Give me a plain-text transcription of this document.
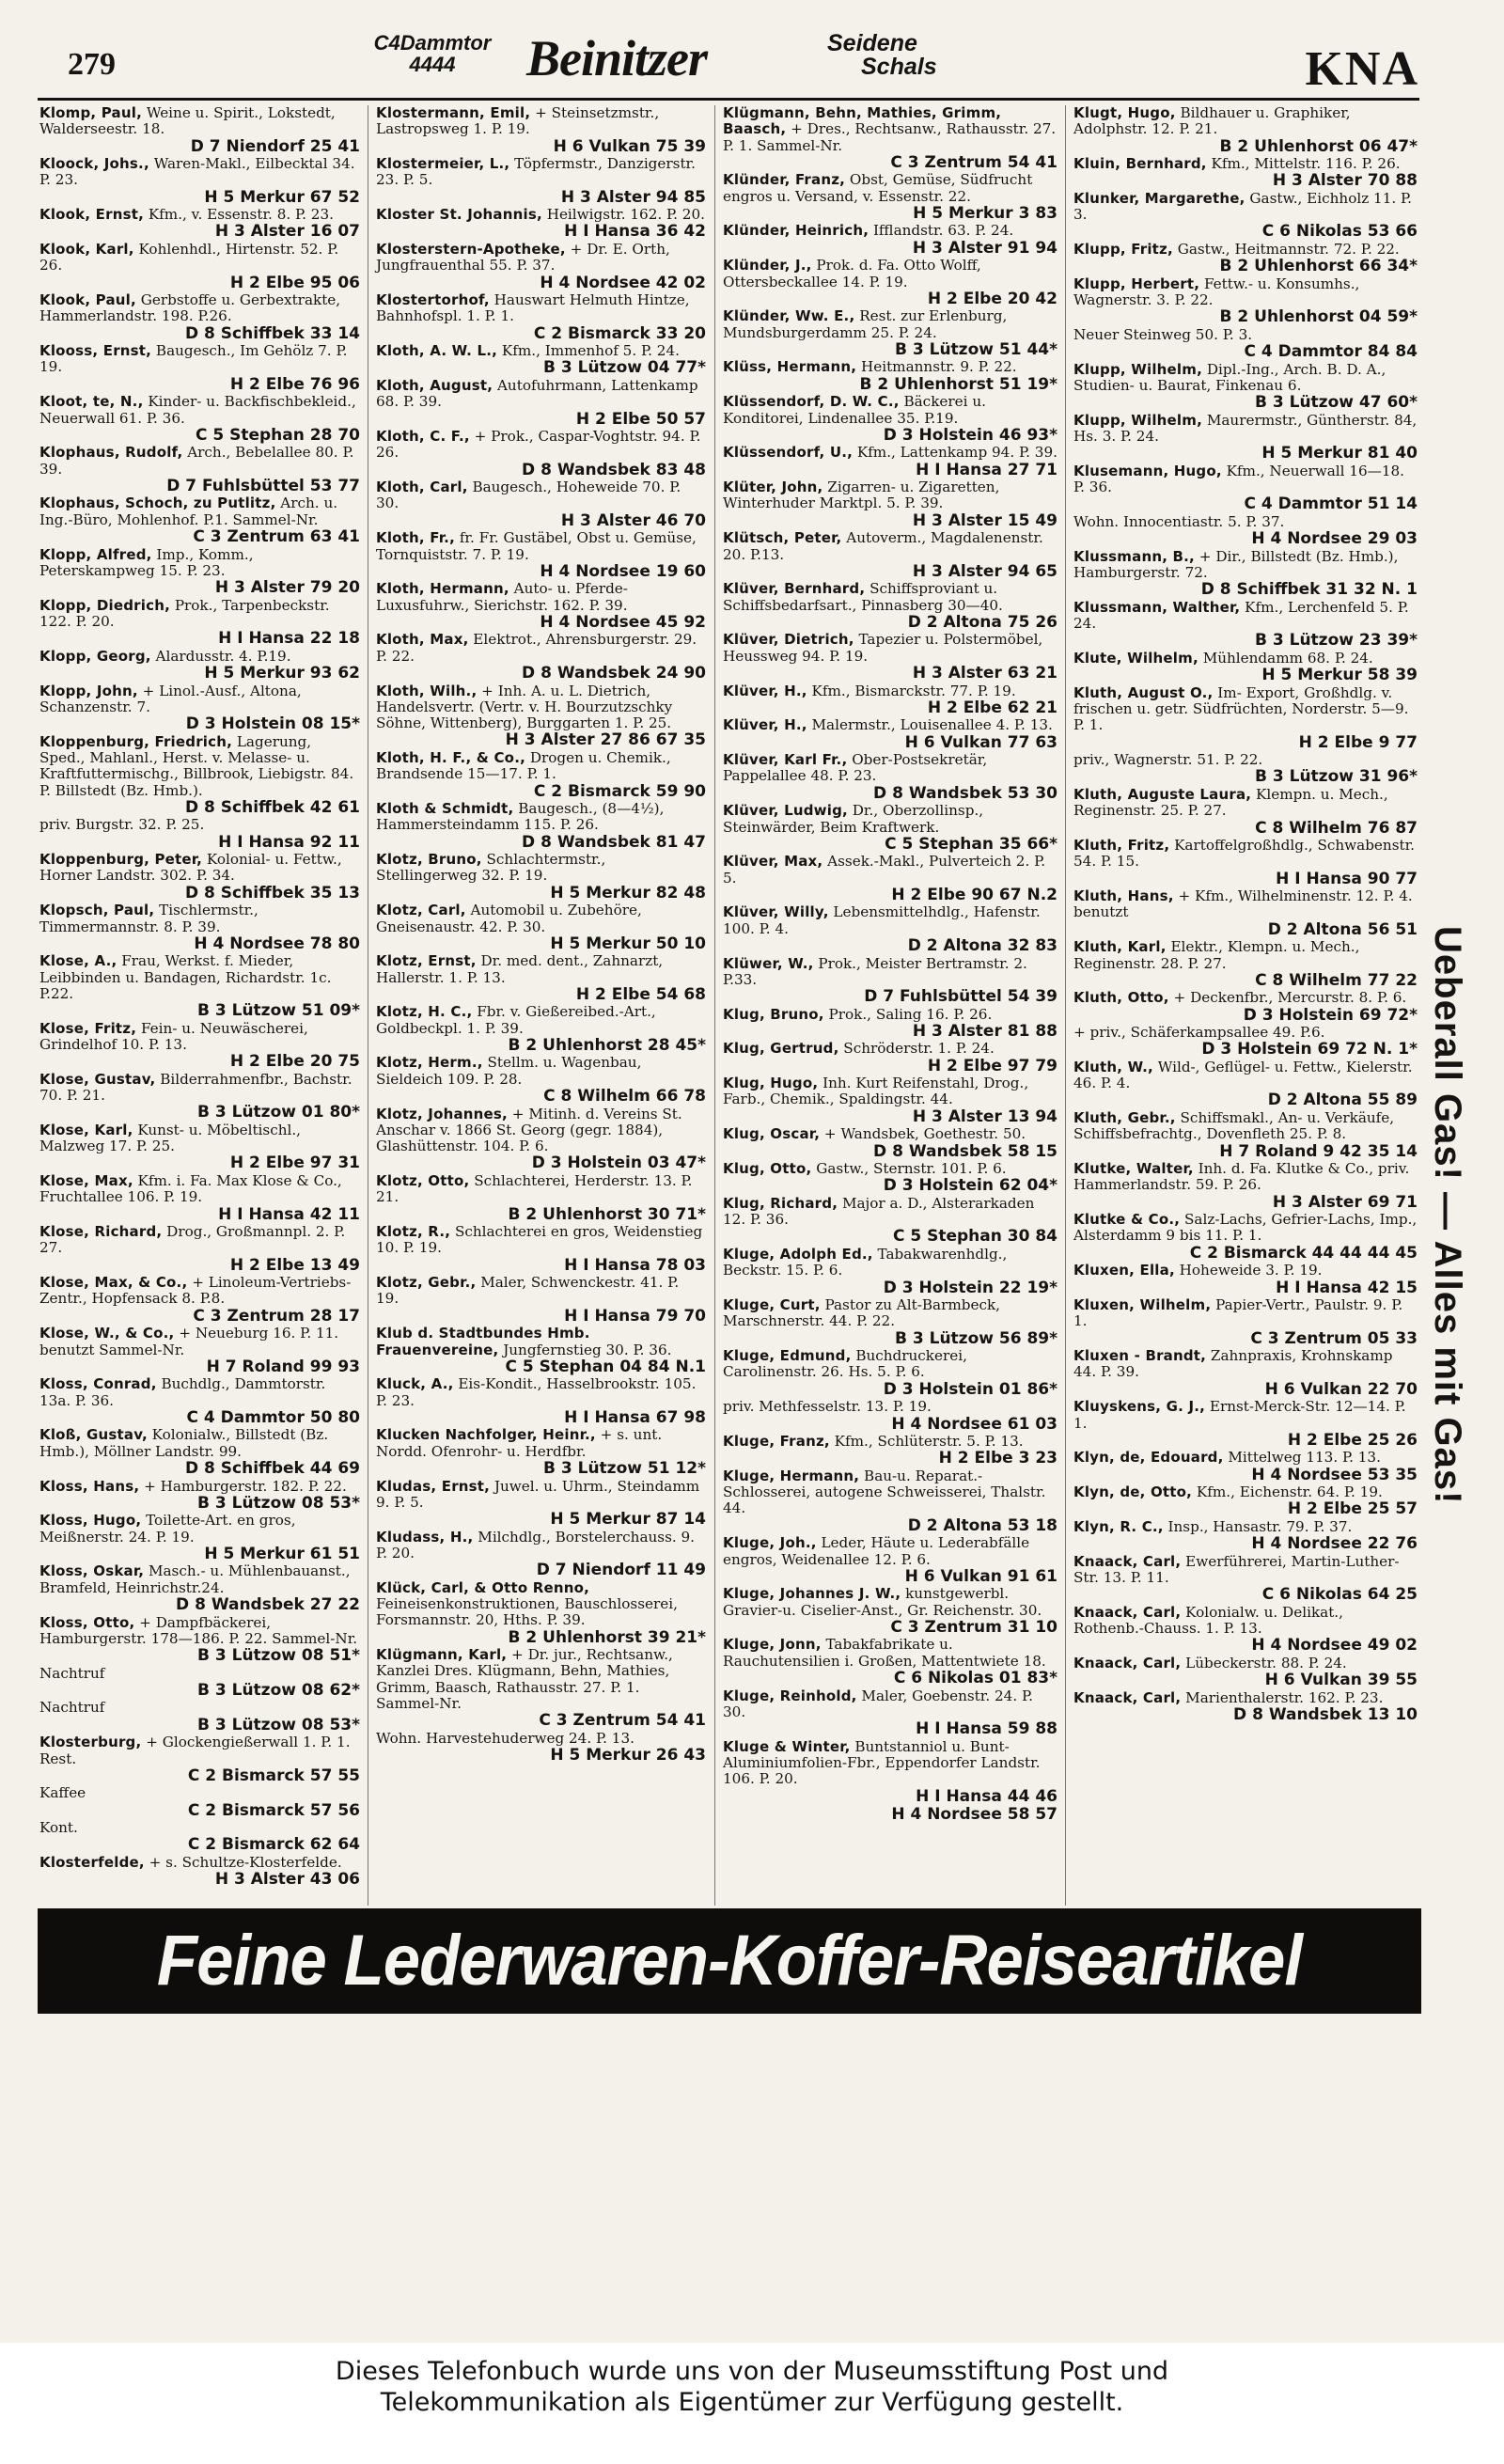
279
C4Dammtor 4444	Beinitzer	Seidene
Schals	KNA
Klomp, Paul, Weine u. Spirit., Lokstedt, Walderseestr. 18.
D 7 Niendorf 25 41
Kloock, Johs., Waren-Makl., Eilbecktal 34. P. 23.
H 5 Merkur 67 52
Klook, Ernst, Kfm., v. Essenstr. 8. P. 23.
H 3 Alster 16 07
Klook, Karl, Kohlenhdl., Hirtenstr. 52. P. 26.
H 2 Elbe 95 06
Klook, Paul, Gerbstoffe u. Gerbextrakte, Hammerlandstr. 198. P.26.
D 8 Schiffbek 33 14
Klooss, Ernst, Baugesch., Im Gehölz 7. P. 19.
H 2 Elbe 76 96
Kloot, te, N., Kinder- u. Backfischbekleid., Neuerwall 61. P. 36.
C 5 Stephan 28 70
Klophaus, Rudolf, Arch., Bebelallee 80. P. 39.
D 7 Fuhlsbüttel 53 77
Klophaus, Schoch, zu Putlitz, Arch. u. Ing.-Büro, Mohlenhof. P.1. Sammel-Nr.
C 3 Zentrum 63 41
Klopp, Alfred, Imp., Komm., Peterskampweg 15. P. 23.
H 3 Alster 79 20
Klopp, Diedrich, Prok., Tarpenbeckstr. 122. P. 20.
H I Hansa 22 18
Klopp, Georg, Alardusstr. 4. P.19.
H 5 Merkur 93 62
Klopp, John, + Linol.-Ausf., Altona, Schanzenstr. 7.
D 3 Holstein 08 15*
Kloppenburg, Friedrich, Lagerung, Sped., Mahlanl., Herst. v. Melasse- u. Kraftfuttermischg., Billbrook, Liebigstr. 84. P. Billstedt (Bz. Hmb.).
D 8 Schiffbek 42 61
priv. Burgstr. 32. P. 25.
H I Hansa 92 11
Kloppenburg, Peter, Kolonial- u. Fettw., Horner Landstr. 302. P. 34.
D 8 Schiffbek 35 13
Klopsch, Paul, Tischlermstr., Timmermannstr. 8. P. 39.
H 4 Nordsee 78 80
Klose, A., Frau, Werkst. f. Mieder, Leibbinden u. Bandagen, Richardstr. 1c. P.22.
B 3 Lützow 51 09*
Klose, Fritz, Fein- u. Neuwäscherei, Grindelhof 10. P. 13.
H 2 Elbe 20 75
Klose, Gustav, Bilderrahmenfbr., Bachstr. 70. P. 21.
B 3 Lützow 01 80*
Klose, Karl, Kunst- u. Möbeltischl., Malzweg 17. P. 25.
H 2 Elbe 97 31
Klose, Max, Kfm. i. Fa. Max Klose & Co., Fruchtallee 106. P. 19.
H I Hansa 42 11
Klose, Richard, Drog., Großmannpl. 2. P. 27.
H 2 Elbe 13 49
Klose, Max, & Co., + Linoleum-Vertriebs-Zentr., Hopfensack 8. P.8.
C 3 Zentrum 28 17
Klose, W., & Co., + Neueburg 16. P. 11. benutzt Sammel-Nr.
H 7 Roland 99 93
Kloss, Conrad, Buchdlg., Dammtorstr. 13a. P. 36.
C 4 Dammtor 50 80
Kloß, Gustav, Kolonialw., Billstedt (Bz. Hmb.), Möllner Landstr. 99.
D 8 Schiffbek 44 69
Kloss, Hans, + Hamburgerstr. 182. P. 22.
B 3 Lützow 08 53*
Kloss, Hugo, Toilette-Art. en gros, Meißnerstr. 24. P. 19.
H 5 Merkur 61 51
Kloss, Oskar, Masch.- u. Mühlenbauanst., Bramfeld, Heinrichstr.24.
D 8 Wandsbek 27 22
Kloss, Otto, + Dampfbäckerei, Hamburgerstr. 178—186. P. 22. Sammel-Nr.
B 3 Lützow 08 51*
Nachtruf
B 3 Lützow 08 62*
Nachtruf
B 3 Lützow 08 53*
Klosterburg, + Glockengießerwall 1. P. 1. Rest.
C 2 Bismarck 57 55
Kaffee
C 2 Bismarck 57 56
Kont.
C 2 Bismarck 62 64
Klosterfelde, + s. Schultze-Klosterfelde.
H 3 Alster 43 06
Klostermann, Emil, + Steinsetzmstr., Lastropsweg 1. P. 19.
H 6 Vulkan 75 39
Klostermeier, L., Töpfermstr., Danzigerstr. 23. P. 5.
H 3 Alster 94 85
Kloster St. Johannis, Heilwigstr. 162. P. 20.
H I Hansa 36 42
Klosterstern-Apotheke, + Dr. E. Orth, Jungfrauenthal 55. P. 37.
H 4 Nordsee 42 02
Klostertorhof, Hauswart Helmuth Hintze, Bahnhofspl. 1. P. 1.
C 2 Bismarck 33 20
Kloth, A. W. L., Kfm., Immenhof 5. P. 24.
B 3 Lützow 04 77*
Kloth, August, Autofuhrmann, Lattenkamp 68. P. 39.
H 2 Elbe 50 57
Kloth, C. F., + Prok., Caspar-Voghtstr. 94. P. 26.
D 8 Wandsbek 83 48
Kloth, Carl, Baugesch., Hoheweide 70. P. 30.
H 3 Alster 46 70
Kloth, Fr., fr. Fr. Gustäbel, Obst u. Gemüse, Tornquiststr. 7. P. 19.
H 4 Nordsee 19 60
Kloth, Hermann, Auto- u. Pferde-Luxusfuhrw., Sierichstr. 162. P. 39.
H 4 Nordsee 45 92
Kloth, Max, Elektrot., Ahrensburgerstr. 29. P. 22.
D 8 Wandsbek 24 90
Kloth, Wilh., + Inh. A. u. L. Dietrich, Handelsvertr. (Vertr. v. H. Bourzutzschky Söhne, Wittenberg), Burggarten 1. P. 25.
H 3 Alster 27 86 67 35
Kloth, H. F., & Co., Drogen u. Chemik., Brandsende 15—17. P. 1.
C 2 Bismarck 59 90
Kloth & Schmidt, Baugesch., (8—4½), Hammersteindamm 115. P. 26.
D 8 Wandsbek 81 47
Klotz, Bruno, Schlachtermstr., Stellingerweg 32. P. 19.
H 5 Merkur 82 48
Klotz, Carl, Automobil u. Zubehöre, Gneisenaustr. 42. P. 30.
H 5 Merkur 50 10
Klotz, Ernst, Dr. med. dent., Zahnarzt, Hallerstr. 1. P. 13.
H 2 Elbe 54 68
Klotz, H. C., Fbr. v. Gießereibed.-Art., Goldbeckpl. 1. P. 39.
B 2 Uhlenhorst 28 45*
Klotz, Herm., Stellm. u. Wagenbau, Sieldeich 109. P. 28.
C 8 Wilhelm 66 78
Klotz, Johannes, + Mitinh. d. Vereins St. Anschar v. 1866 St. Georg (gegr. 1884), Glashüttenstr. 104. P. 6.
D 3 Holstein 03 47*
Klotz, Otto, Schlachterei, Herderstr. 13. P. 21.
B 2 Uhlenhorst 30 71*
Klotz, R., Schlachterei en gros, Weidenstieg 10. P. 19.
H I Hansa 78 03
Klotz, Gebr., Maler, Schwenckestr. 41. P. 19.
H I Hansa 79 70
Klub d. Stadtbundes Hmb. Frauenvereine, Jungfernstieg 30. P. 36.
C 5 Stephan 04 84 N.1
Kluck, A., Eis-Kondit., Hasselbrookstr. 105. P. 23.
H I Hansa 67 98
Klucken Nachfolger, Heinr., + s. unt. Nordd. Ofenrohr- u. Herdfbr.
B 3 Lützow 51 12*
Kludas, Ernst, Juwel. u. Uhrm., Steindamm 9. P. 5.
H 5 Merkur 87 14
Kludass, H., Milchdlg., Borstelerchauss. 9. P. 20.
D 7 Niendorf 11 49
Klück, Carl, & Otto Renno, Feineisenkonstruktionen, Bauschlosserei, Forsmannstr. 20, Hths. P. 39.
B 2 Uhlenhorst 39 21*
Klügmann, Karl, + Dr. jur., Rechtsanw., Kanzlei Dres. Klügmann, Behn, Mathies, Grimm, Baasch, Rathausstr. 27. P. 1. Sammel-Nr.
C 3 Zentrum 54 41
Wohn. Harvestehuderweg 24. P. 13.
H 5 Merkur 26 43
Klügmann, Behn, Mathies, Grimm, Baasch, + Dres., Rechtsanw., Rathausstr. 27. P. 1. Sammel-Nr.
C 3 Zentrum 54 41
Klünder, Franz, Obst, Gemüse, Südfrucht engros u. Versand, v. Essenstr. 22.
H 5 Merkur 3 83
Klünder, Heinrich, Ifflandstr. 63. P. 24.
H 3 Alster 91 94
Klünder, J., Prok. d. Fa. Otto Wolff, Ottersbeckallee 14. P. 19.
H 2 Elbe 20 42
Klünder, Ww. E., Rest. zur Erlenburg, Mundsburgerdamm 25. P. 24.
B 3 Lützow 51 44*
Klüss, Hermann, Heitmannstr. 9. P. 22.
B 2 Uhlenhorst 51 19*
Klüssendorf, D. W. C., Bäckerei u. Konditorei, Lindenallee 35. P.19.
D 3 Holstein 46 93*
Klüssendorf, U., Kfm., Lattenkamp 94. P. 39.
H I Hansa 27 71
Klüter, John, Zigarren- u. Zigaretten, Winterhuder Marktpl. 5. P. 39.
H 3 Alster 15 49
Klütsch, Peter, Autoverm., Magdalenenstr. 20. P.13.
H 3 Alster 94 65
Klüver, Bernhard, Schiffsproviant u. Schiffsbedarfsart., Pinnasberg 30—40.
D 2 Altona 75 26
Klüver, Dietrich, Tapezier u. Polstermöbel, Heussweg 94. P. 19.
H 3 Alster 63 21
Klüver, H., Kfm., Bismarckstr. 77. P. 19.
H 2 Elbe 62 21
Klüver, H., Malermstr., Louisenallee 4. P. 13.
H 6 Vulkan 77 63
Klüver, Karl Fr., Ober-Postsekretär, Pappelallee 48. P. 23.
D 8 Wandsbek 53 30
Klüver, Ludwig, Dr., Oberzollinsp., Steinwärder, Beim Kraftwerk.
C 5 Stephan 35 66*
Klüver, Max, Assek.-Makl., Pulverteich 2. P. 5.
H 2 Elbe 90 67 N.2
Klüver, Willy, Lebensmittelhdlg., Hafenstr. 100. P. 4.
D 2 Altona 32 83
Klüwer, W., Prok., Meister Bertramstr. 2. P.33.
D 7 Fuhlsbüttel 54 39
Klug, Bruno, Prok., Saling 16. P. 26.
H 3 Alster 81 88
Klug, Gertrud, Schröderstr. 1. P. 24.
H 2 Elbe 97 79
Klug, Hugo, Inh. Kurt Reifenstahl, Drog., Farb., Chemik., Spaldingstr. 44.
H 3 Alster 13 94
Klug, Oscar, + Wandsbek, Goethestr. 50.
D 8 Wandsbek 58 15
Klug, Otto, Gastw., Sternstr. 101. P. 6.
D 3 Holstein 62 04*
Klug, Richard, Major a. D., Alsterarkaden 12. P. 36.
C 5 Stephan 30 84
Kluge, Adolph Ed., Tabakwarenhdlg., Beckstr. 15. P. 6.
D 3 Holstein 22 19*
Kluge, Curt, Pastor zu Alt-Barmbeck, Marschnerstr. 44. P. 22.
B 3 Lützow 56 89*
Kluge, Edmund, Buchdruckerei, Carolinenstr. 26. Hs. 5. P. 6.
D 3 Holstein 01 86*
priv. Methfesselstr. 13. P. 19.
H 4 Nordsee 61 03
Kluge, Franz, Kfm., Schlüterstr. 5. P. 13.
H 2 Elbe 3 23
Kluge, Hermann, Bau-u. Reparat.-Schlosserei, autogene Schweisserei, Thalstr. 44.
D 2 Altona 53 18
Kluge, Joh., Leder, Häute u. Lederabfälle engros, Weidenallee 12. P. 6.
H 6 Vulkan 91 61
Kluge, Johannes J. W., kunstgewerbl. Gravier-u. Ciselier-Anst., Gr. Reichenstr. 30.
C 3 Zentrum 31 10
Kluge, Jonn, Tabakfabrikate u. Rauchutensilien i. Großen, Mattentwiete 18.
C 6 Nikolas 01 83*
Kluge, Reinhold, Maler, Goebenstr. 24. P. 30.
H I Hansa 59 88
Kluge & Winter, Buntstanniol u. Bunt-Aluminiumfolien-Fbr., Eppendorfer Landstr. 106. P. 20.
H I Hansa 44 46
H 4 Nordsee 58 57
Klugt, Hugo, Bildhauer u. Graphiker, Adolphstr. 12. P. 21.
B 2 Uhlenhorst 06 47*
Kluin, Bernhard, Kfm., Mittelstr. 116. P. 26.
H 3 Alster 70 88
Klunker, Margarethe, Gastw., Eichholz 11. P. 3.
C 6 Nikolas 53 66
Klupp, Fritz, Gastw., Heitmannstr. 72. P. 22.
B 2 Uhlenhorst 66 34*
Klupp, Herbert, Fettw.- u. Konsumhs., Wagnerstr. 3. P. 22.
B 2 Uhlenhorst 04 59*
Neuer Steinweg 50. P. 3.
C 4 Dammtor 84 84
Klupp, Wilhelm, Dipl.-Ing., Arch. B. D. A., Studien- u. Baurat, Finkenau 6.
B 3 Lützow 47 60*
Klupp, Wilhelm, Maurermstr., Güntherstr. 84, Hs. 3. P. 24.
H 5 Merkur 81 40
Klusemann, Hugo, Kfm., Neuerwall 16—18. P. 36.
C 4 Dammtor 51 14
Wohn. Innocentiastr. 5. P. 37.
H 4 Nordsee 29 03
Klussmann, B., + Dir., Billstedt (Bz. Hmb.), Hamburgerstr. 72.
D 8 Schiffbek 31 32 N. 1
Klussmann, Walther, Kfm., Lerchenfeld 5. P. 24.
B 3 Lützow 23 39*
Klute, Wilhelm, Mühlendamm 68. P. 24.
H 5 Merkur 58 39
Kluth, August O., Im- Export, Großhdlg. v. frischen u. getr. Südfrüchten, Norderstr. 5—9. P. 1.
H 2 Elbe 9 77
priv., Wagnerstr. 51. P. 22.
B 3 Lützow 31 96*
Kluth, Auguste Laura, Klempn. u. Mech., Reginenstr. 25. P. 27.
C 8 Wilhelm 76 87
Kluth, Fritz, Kartoffelgroßhdlg., Schwabenstr. 54. P. 15.
H I Hansa 90 77
Kluth, Hans, + Kfm., Wilhelminenstr. 12. P. 4. benutzt
D 2 Altona 56 51
Kluth, Karl, Elektr., Klempn. u. Mech., Reginenstr. 28. P. 27.
C 8 Wilhelm 77 22
Kluth, Otto, + Deckenfbr., Mercurstr. 8. P. 6.
D 3 Holstein 69 72*
+ priv., Schäferkampsallee 49. P.6.
D 3 Holstein 69 72 N. 1*
Kluth, W., Wild-, Geflügel- u. Fettw., Kielerstr. 46. P. 4.
D 2 Altona 55 89
Kluth, Gebr., Schiffsmakl., An- u. Verkäufe, Schiffsbefrachtg., Dovenfleth 25. P. 8.
H 7 Roland 9 42 35 14
Klutke, Walter, Inh. d. Fa. Klutke & Co., priv. Hammerlandstr. 59. P. 26.
H 3 Alster 69 71
Klutke & Co., Salz-Lachs, Gefrier-Lachs, Imp., Alsterdamm 9 bis 11. P. 1.
C 2 Bismarck 44 44 44 45
Kluxen, Ella, Hoheweide 3. P. 19.
H I Hansa 42 15
Kluxen, Wilhelm, Papier-Vertr., Paulstr. 9. P. 1.
C 3 Zentrum 05 33
Kluxen - Brandt, Zahnpraxis, Krohnskamp 44. P. 39.
H 6 Vulkan 22 70
Kluyskens, G. J., Ernst-Merck-Str. 12—14. P. 1.
H 2 Elbe 25 26
Klyn, de, Edouard, Mittelweg 113. P. 13.
H 4 Nordsee 53 35
Klyn, de, Otto, Kfm., Eichenstr. 64. P. 19.
H 2 Elbe 25 57
Klyn, R. C., Insp., Hansastr. 79. P. 37.
H 4 Nordsee 22 76
Knaack, Carl, Ewerführerei, Martin-Luther-Str. 13. P. 11.
C 6 Nikolas 64 25
Knaack, Carl, Kolonialw. u. Delikat., Rothenb.-Chauss. 1. P. 13.
H 4 Nordsee 49 02
Knaack, Carl, Lübeckerstr. 88. P. 24.
H 6 Vulkan 39 55
Knaack, Carl, Marienthalerstr. 162. P. 23.
D 8 Wandsbek 13 10
Ueberall Gas! — Alles mit Gas!
Feine Lederwaren-Koffer-Reiseartikel
Dieses Telefonbuch wurde uns von der Museumsstiftung Post und
Telekommunikation als Eigentümer zur Verfügung gestellt.
